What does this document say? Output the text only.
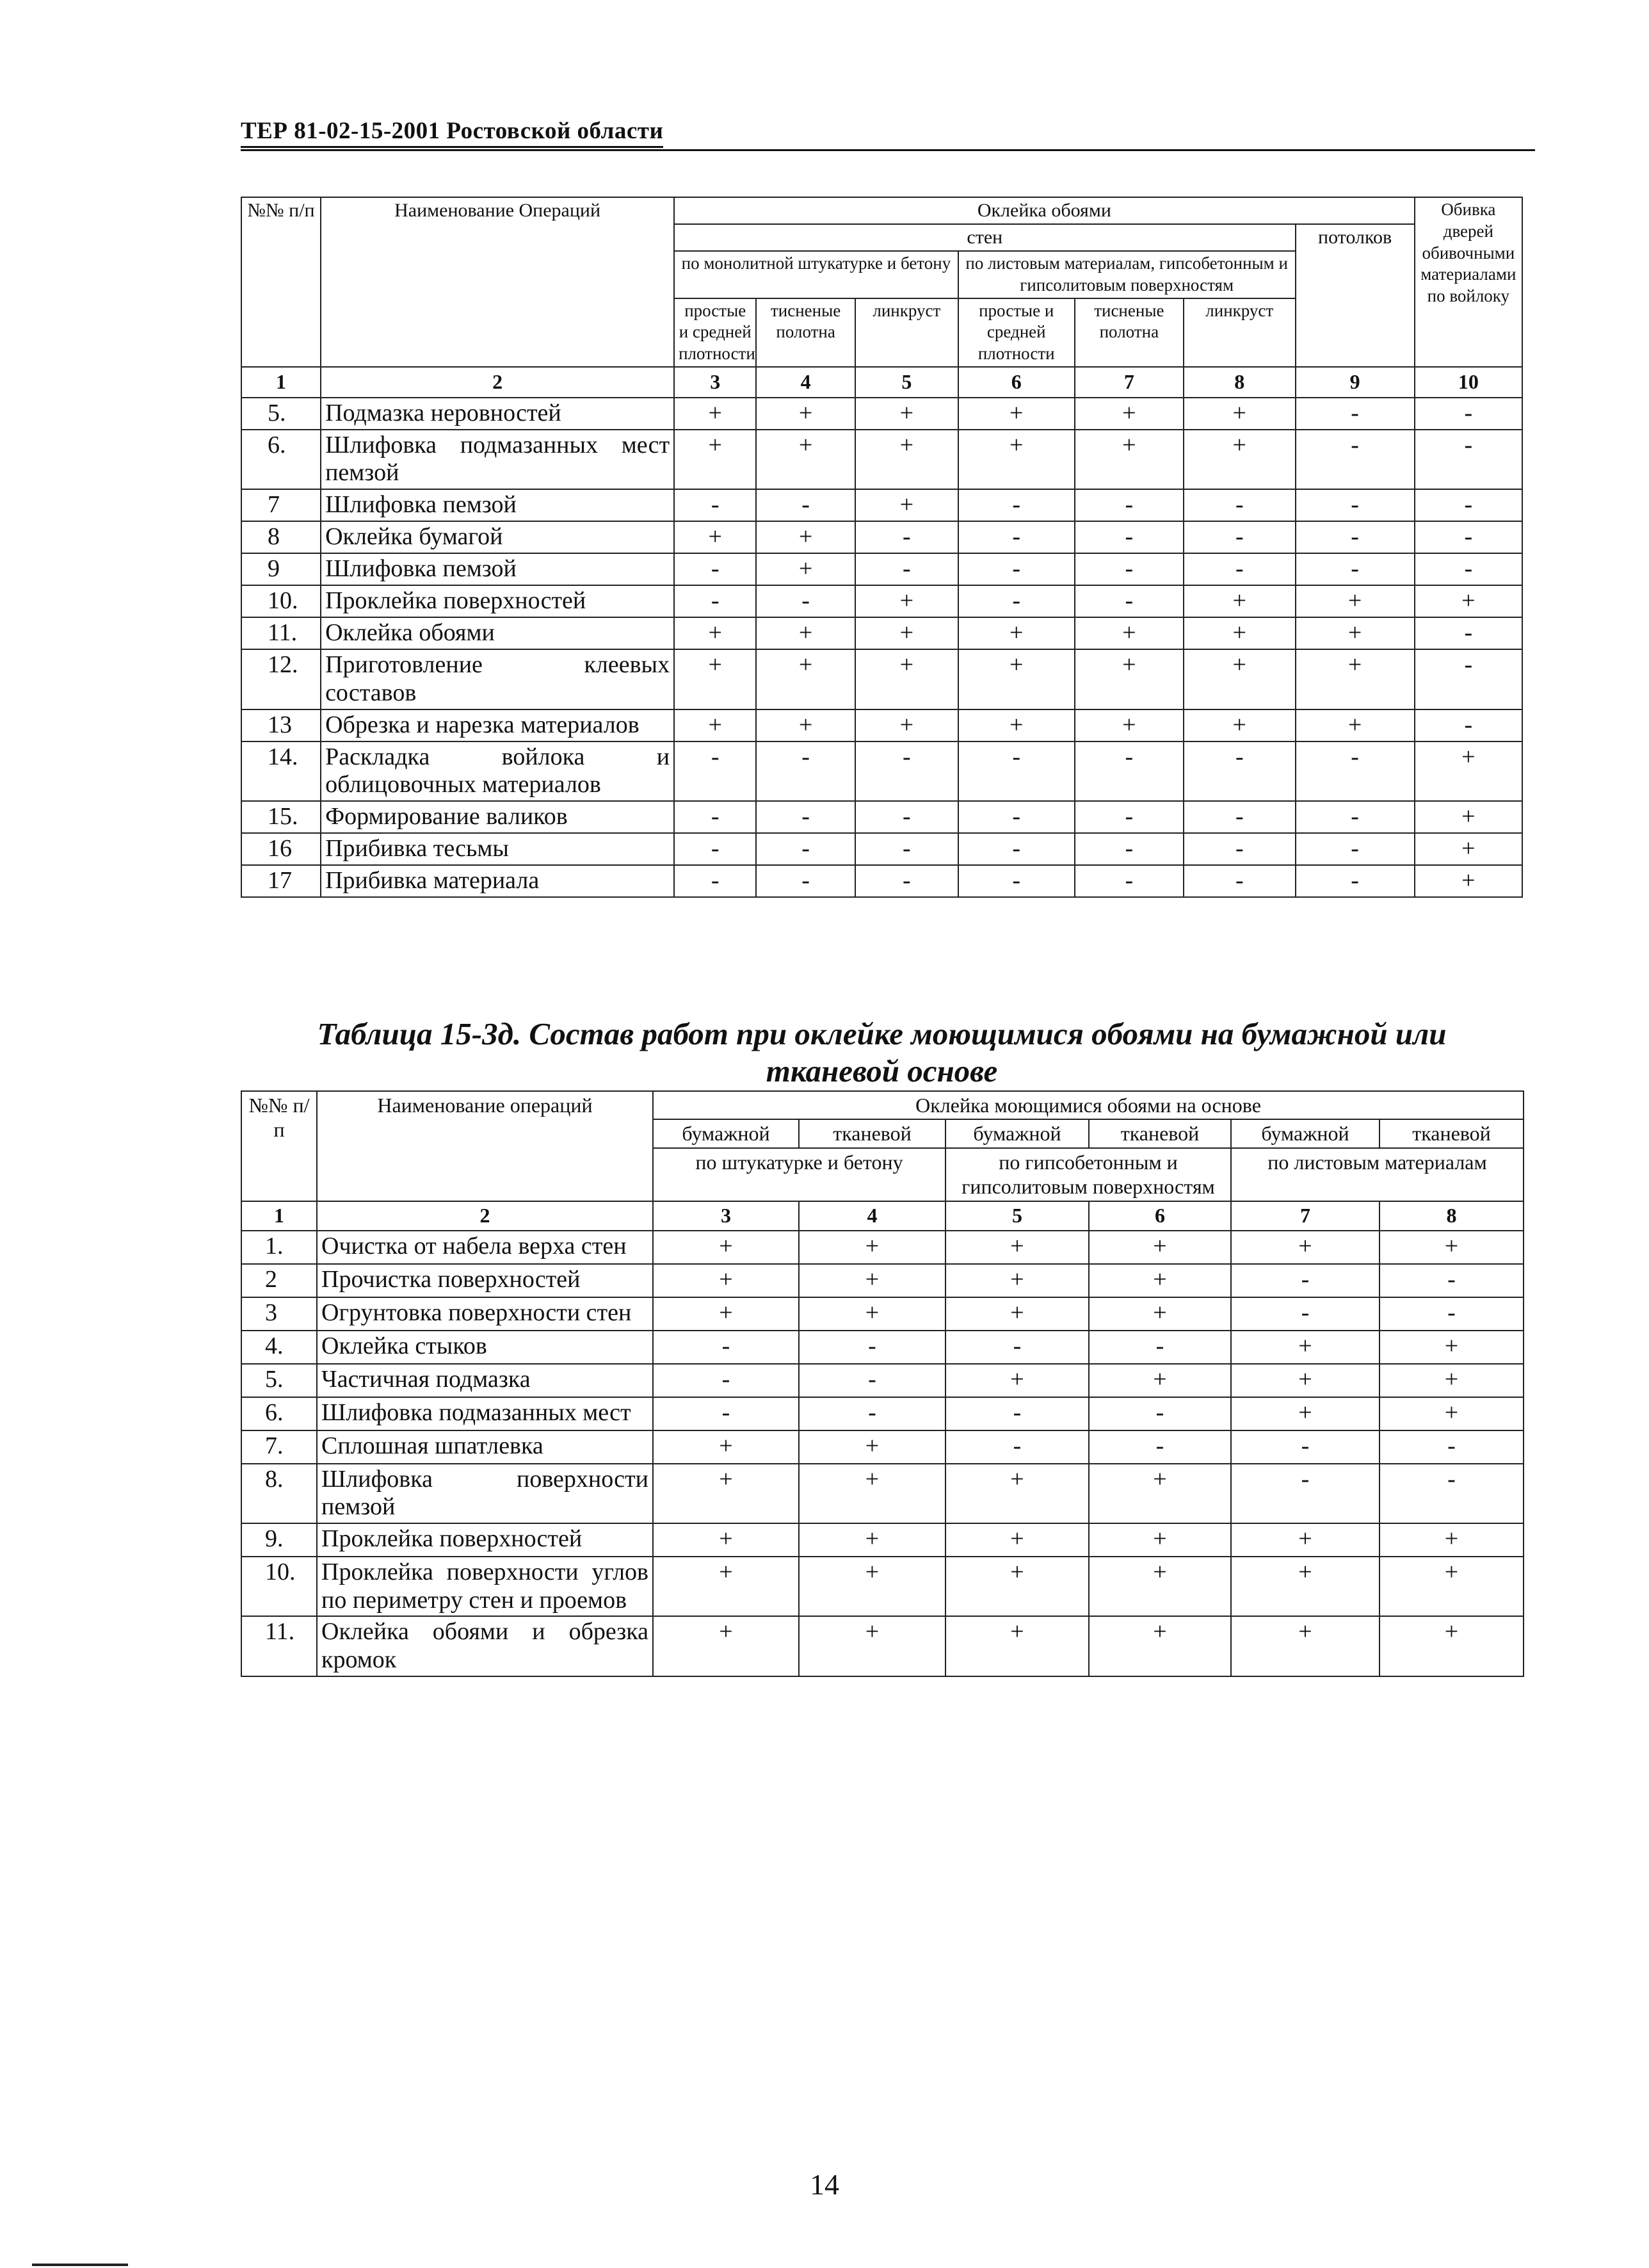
ТЕР 81-02-15-2001 Ростовской области
№№ п/п	Наименование Операций	Оклейка обоями							Обивка дверей обивочными материалами по войлоку
		стен						потолков	
		по монолитной штукатурке и бетону			по листовым материалам, гипсобетонным и гипсолитовым поверхностям				
		простые и средней плотности	тисненые полотна	линкруст	простые и средней плотности	тисненые полотна	линкруст		
1	2	3	4	5	6	7	8	9	10
5.	Подмазка неровностей	+	+	+	+	+	+	-	-
6.	Шлифовка подмазанных мест пемзой	+	+	+	+	+	+	-	-
7	Шлифовка пемзой	-	-	+	-	-	-	-	-
8	Оклейка бумагой	+	+	-	-	-	-	-	-
9	Шлифовка пемзой	-	+	-	-	-	-	-	-
10.	Проклейка поверхностей	-	-	+	-	-	+	+	+
11.	Оклейка обоями	+	+	+	+	+	+	+	-
12.	Приготовление клеевых составов	+	+	+	+	+	+	+	-
13	Обрезка и нарезка материалов	+	+	+	+	+	+	+	-
14.	Раскладка войлока и облицовочных материалов	-	-	-	-	-	-	-	+
15.	Формирование валиков	-	-	-	-	-	-	-	+
16	Прибивка тесьмы	-	-	-	-	-	-	-	+
17	Прибивка материала	-	-	-	-	-	-	-	+
Таблица 15-3д. Состав работ при оклейке моющимися обоями на бумажной или
тканевой основе
№№ п/п	Наименование операций	Оклейка моющимися обоями на основе					
		бумажной	тканевой	бумажной	тканевой	бумажной	тканевой
		по штукатурке и бетону		по гипсобетонным и гипсолитовым поверхностям		по листовым материалам	
1	2	3	4	5	6	7	8
1.	Очистка от набела верха стен	+	+	+	+	+	+
2	Прочистка поверхностей	+	+	+	+	-	-
3	Огрунтовка поверхности стен	+	+	+	+	-	-
4.	Оклейка стыков	-	-	-	-	+	+
5.	Частичная подмазка	-	-	+	+	+	+
6.	Шлифовка подмазанных мест	-	-	-	-	+	+
7.	Сплошная шпатлевка	+	+	-	-	-	-
8.	Шлифовка поверхности пемзой	+	+	+	+	-	-
9.	Проклейка поверхностей	+	+	+	+	+	+
10.	Проклейка поверхности углов по периметру стен и проемов	+	+	+	+	+	+
11.	Оклейка обоями и обрезка кромок	+	+	+	+	+	+
14
